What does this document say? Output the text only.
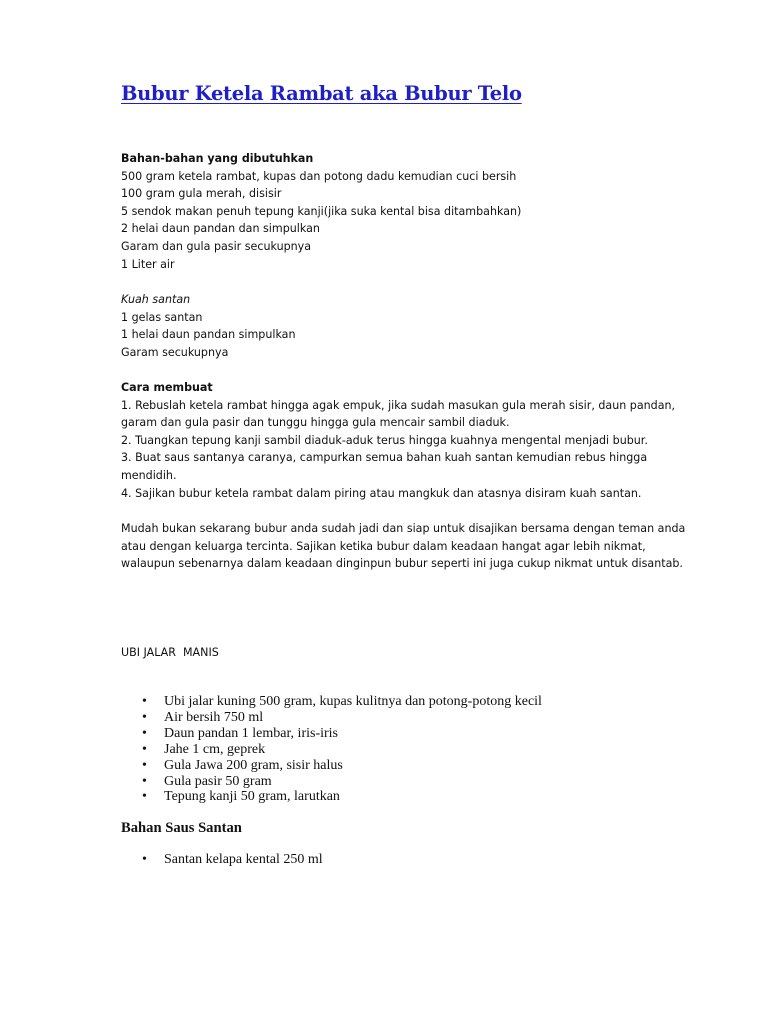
Bubur Ketela Rambat aka Bubur Telo
Bahan-bahan yang dibutuhkan
500 gram ketela rambat, kupas dan potong dadu kemudian cuci bersih
100 gram gula merah, disisir
5 sendok makan penuh tepung kanji(jika suka kental bisa ditambahkan)
2 helai daun pandan dan simpulkan
Garam dan gula pasir secukupnya
1 Liter air
Kuah santan
1 gelas santan
1 helai daun pandan simpulkan
Garam secukupnya
Cara membuat
1. Rebuslah ketela rambat hingga agak empuk, jika sudah masukan gula merah sisir, daun pandan,
garam dan gula pasir dan tunggu hingga gula mencair sambil diaduk.
2. Tuangkan tepung kanji sambil diaduk-aduk terus hingga kuahnya mengental menjadi bubur.
3. Buat saus santanya caranya, campurkan semua bahan kuah santan kemudian rebus hingga
mendidih.
4. Sajikan bubur ketela rambat dalam piring atau mangkuk dan atasnya disiram kuah santan.
Mudah bukan sekarang bubur anda sudah jadi dan siap untuk disajikan bersama dengan teman anda
atau dengan keluarga tercinta. Sajikan ketika bubur dalam keadaan hangat agar lebih nikmat,
walaupun sebenarnya dalam keadaan dinginpun bubur seperti ini juga cukup nikmat untuk disantab.
UBI JALAR  MANIS
• Ubi jalar kuning 500 gram, kupas kulitnya dan potong-potong kecil
• Air bersih 750 ml
• Daun pandan 1 lembar, iris-iris
• Jahe 1 cm, geprek
• Gula Jawa 200 gram, sisir halus
• Gula pasir 50 gram
• Tepung kanji 50 gram, larutkan
Bahan Saus Santan
• Santan kelapa kental 250 ml
